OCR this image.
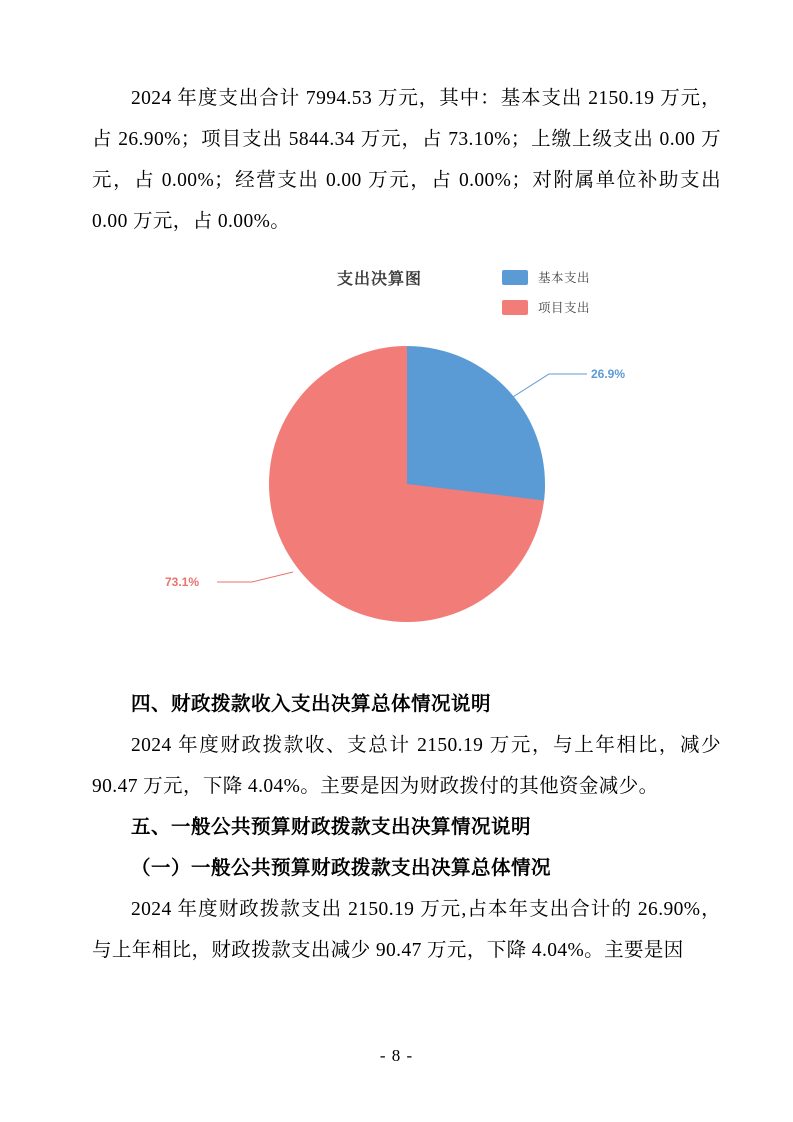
2024 年度支出合计 7994.53 万元，其中：基本支出 2150.19 万元，占 26.90%；项目支出 5844.34 万元，占 73.10%；上缴上级支出 0.00 万元，占 0.00%；经营支出 0.00 万元，占 0.00%；对附属单位补助支出 0.00 万元，占 0.00%。

支出决算图	基本支出
项目支出
26.9%
73.1%

四、财政拨款收入支出决算总体情况说明

2024 年度财政拨款收、支总计 2150.19 万元，与上年相比，减少 90.47 万元，下降 4.04%。主要是因为财政拨付的其他资金减少。

五、一般公共预算财政拨款支出决算情况说明

（一）一般公共预算财政拨款支出决算总体情况

2024 年度财政拨款支出 2150.19 万元,占本年支出合计的 26.90%，与上年相比，财政拨款支出减少 90.47 万元，下降 4.04%。主要是因

- 8 -
